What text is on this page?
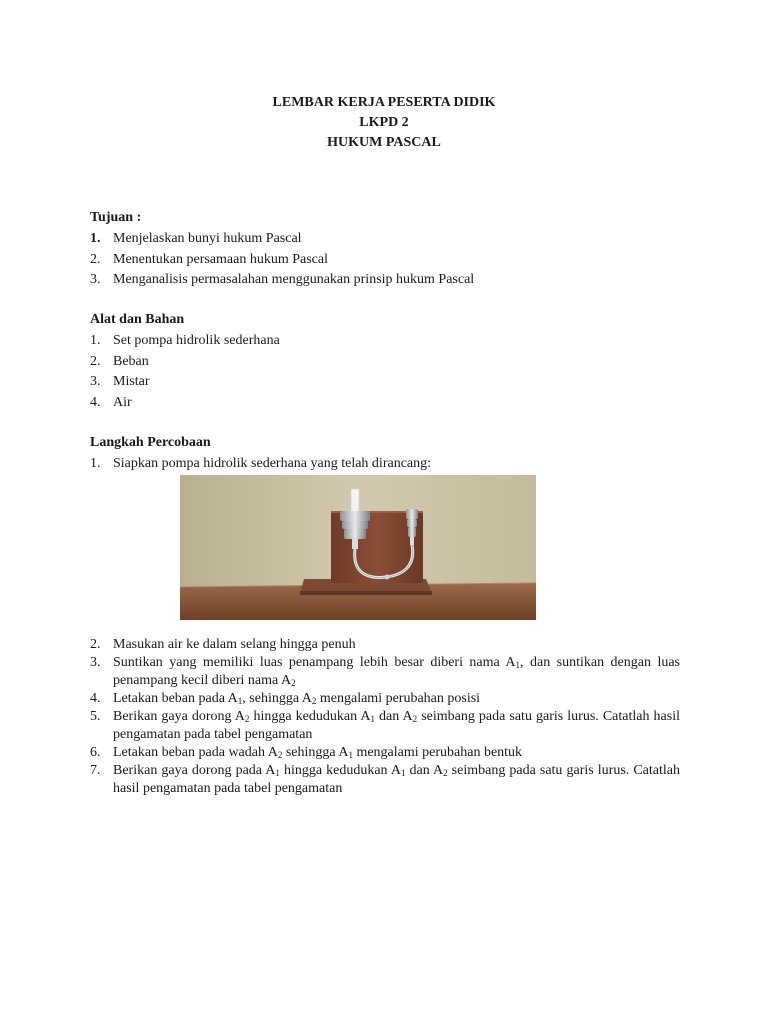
LEMBAR KERJA PESERTA DIDIK
LKPD 2
HUKUM PASCAL
Tujuan :
1. Menjelaskan bunyi hukum Pascal
2. Menentukan persamaan hukum Pascal
3. Menganalisis permasalahan menggunakan prinsip hukum Pascal
Alat dan Bahan
1. Set pompa hidrolik sederhana
2. Beban
3. Mistar
4. Air
Langkah Percobaan
1. Siapkan pompa hidrolik sederhana yang telah dirancang:
2. Masukan air ke dalam selang hingga penuh
3. Suntikan yang memiliki luas penampang lebih besar diberi nama $A_1$, dan suntikan dengan luas penampang kecil diberi nama $A_2$
4. Letakan beban pada $A_1$, sehingga $A_2$ mengalami perubahan posisi
5. Berikan gaya dorong $A_2$ hingga kedudukan $A_1$ dan $A_2$ seimbang pada satu garis lurus. Catatlah hasil pengamatan pada tabel pengamatan
6. Letakan beban pada wadah $A_2$ sehingga $A_1$ mengalami perubahan bentuk
7. Berikan gaya dorong pada $A_1$ hingga kedudukan $A_1$ dan $A_2$ seimbang pada satu garis lurus. Catatlah hasil pengamatan pada tabel pengamatan
